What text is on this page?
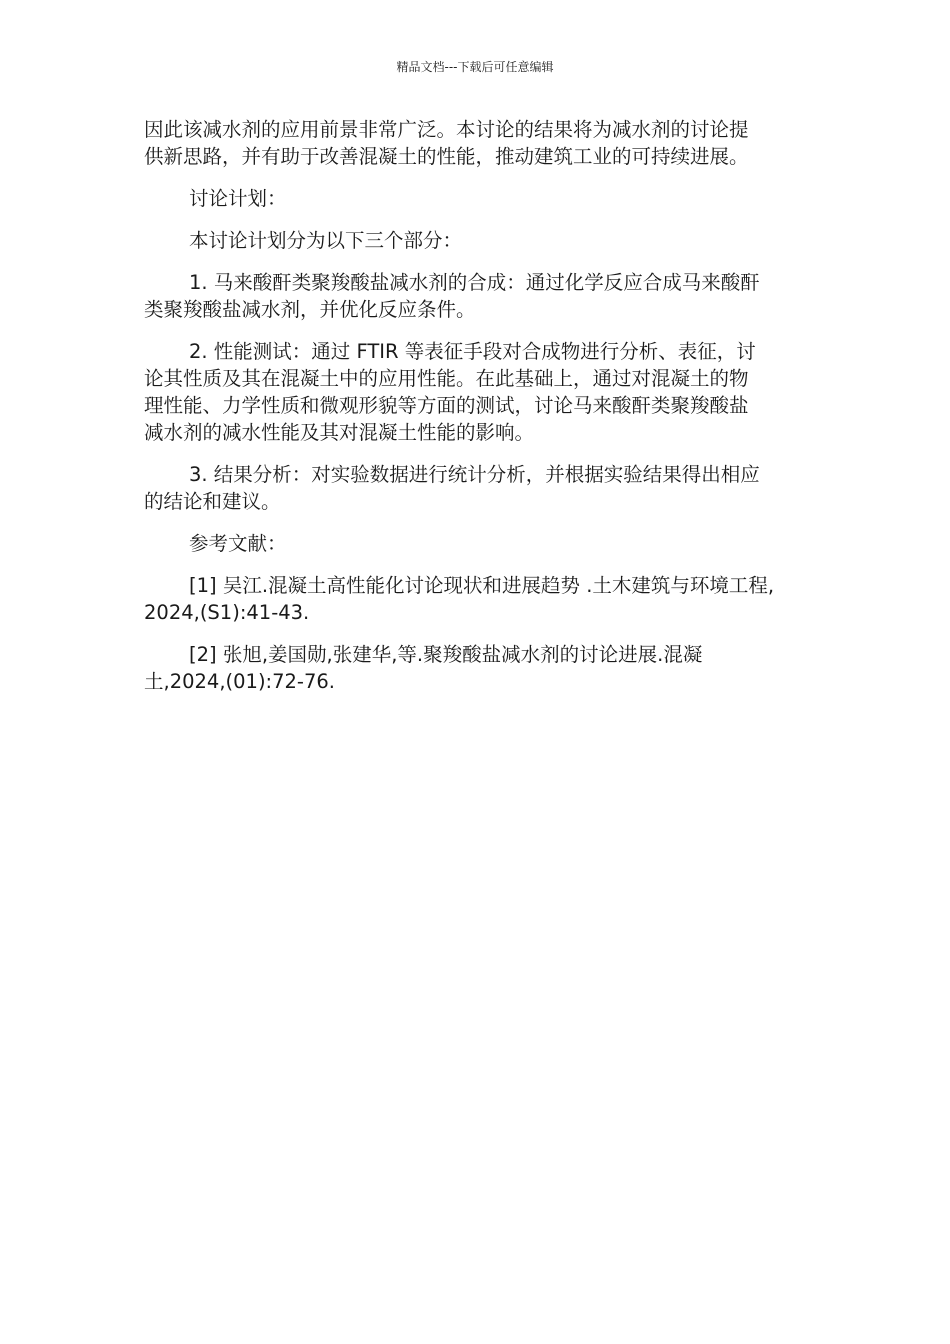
精品文档---下载后可任意编辑
因此该减水剂的应用前景非常广泛。本讨论的结果将为减水剂的讨论提
供新思路，并有助于改善混凝土的性能，推动建筑工业的可持续进展。
讨论计划：
本讨论计划分为以下三个部分：
1. 马来酸酐类聚羧酸盐减水剂的合成：通过化学反应合成马来酸酐
类聚羧酸盐减水剂，并优化反应条件。
2. 性能测试：通过 FTIR 等表征手段对合成物进行分析、表征，讨
论其性质及其在混凝土中的应用性能。在此基础上，通过对混凝土的物
理性能、力学性质和微观形貌等方面的测试，讨论马来酸酐类聚羧酸盐
减水剂的减水性能及其对混凝土性能的影响。
3. 结果分析：对实验数据进行统计分析，并根据实验结果得出相应
的结论和建议。
参考文献：
[1] 吴江.混凝土高性能化讨论现状和进展趋势 .土木建筑与环境工程,
2024,(S1):41-43.
[2] 张旭,姜国勋,张建华,等.聚羧酸盐减水剂的讨论进展.混凝
土,2024,(01):72-76.
